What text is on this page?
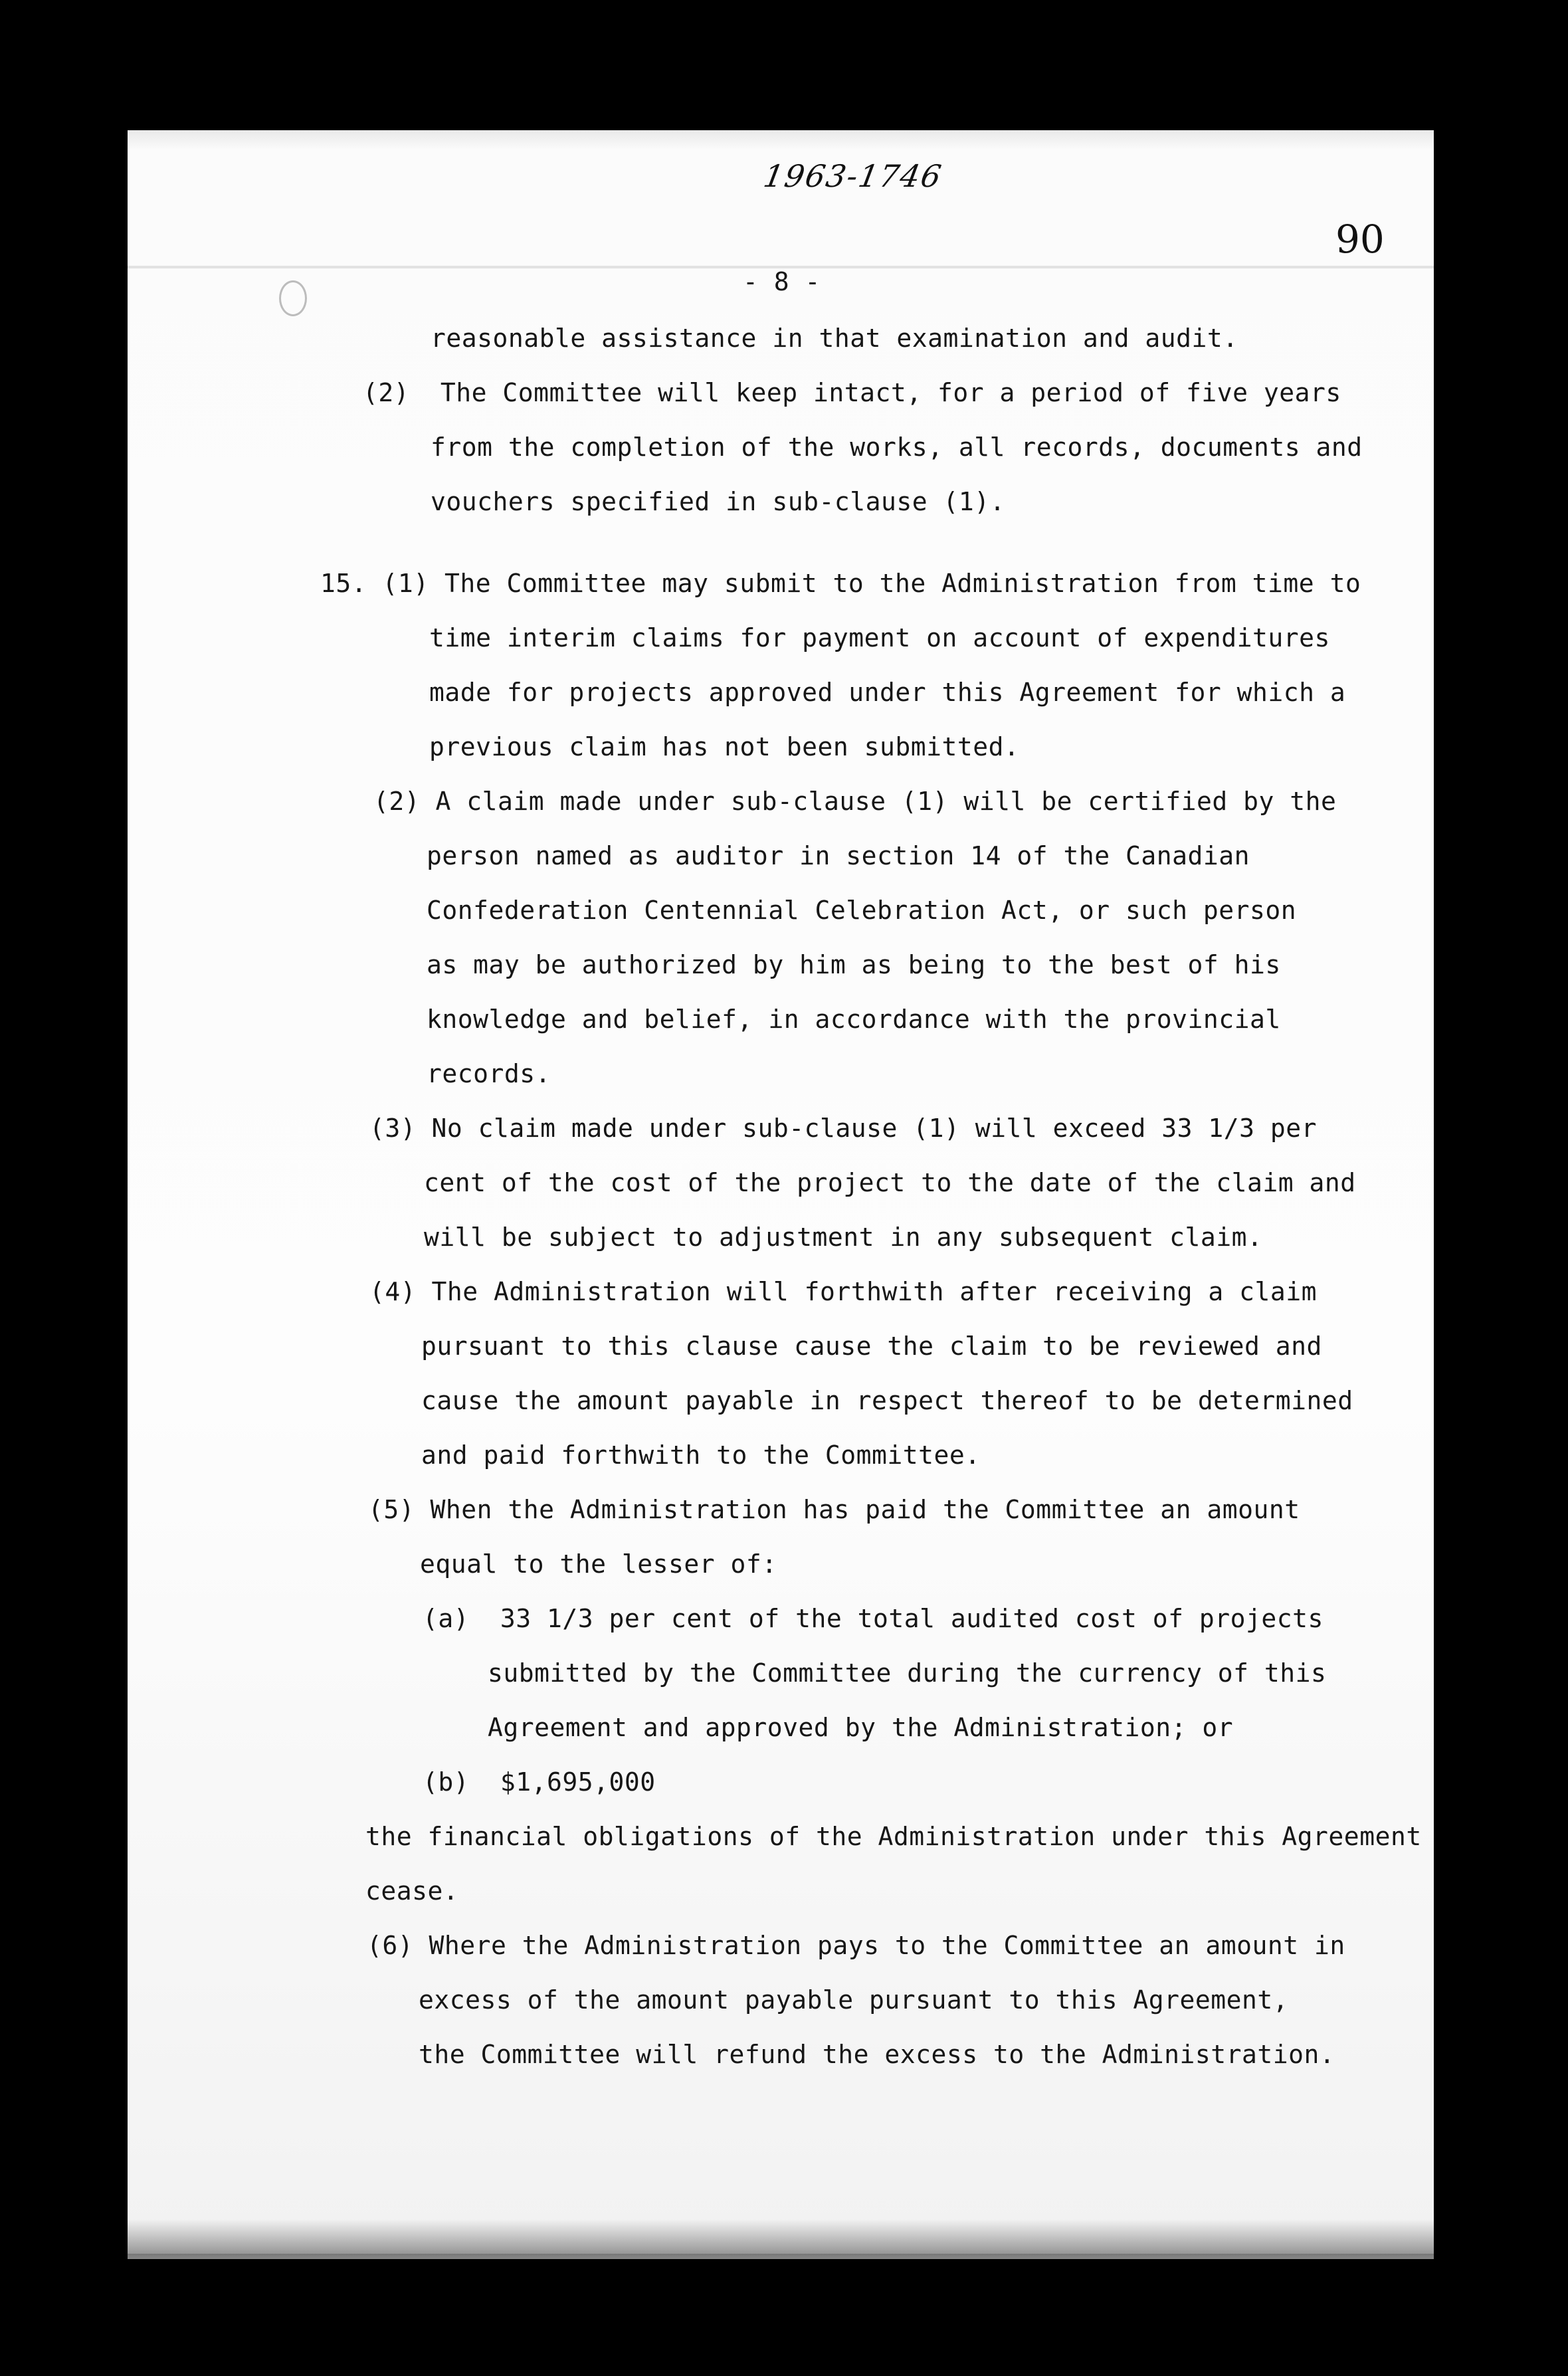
1963-1746
90
- 8 -
reasonable assistance in that examination and audit.
(2)  The Committee will keep intact, for a period of five years
from the completion of the works, all records, documents and
vouchers specified in sub-clause (1).
15. (1) The Committee may submit to the Administration from time to
time interim claims for payment on account of expenditures
made for projects approved under this Agreement for which a
previous claim has not been submitted.
(2) A claim made under sub-clause (1) will be certified by the
person named as auditor in section 14 of the Canadian
Confederation Centennial Celebration Act, or such person
as may be authorized by him as being to the best of his
knowledge and belief, in accordance with the provincial
records.
(3) No claim made under sub-clause (1) will exceed 33 1/3 per
cent of the cost of the project to the date of the claim and
will be subject to adjustment in any subsequent claim.
(4) The Administration will forthwith after receiving a claim
pursuant to this clause cause the claim to be reviewed and
cause the amount payable in respect thereof to be determined
and paid forthwith to the Committee.
(5) When the Administration has paid the Committee an amount
equal to the lesser of:
(a)  33 1/3 per cent of the total audited cost of projects
submitted by the Committee during the currency of this
Agreement and approved by the Administration; or
(b)  $1,695,000
the financial obligations of the Administration under this Agreement
cease.
(6) Where the Administration pays to the Committee an amount in
excess of the amount payable pursuant to this Agreement,
the Committee will refund the excess to the Administration.
